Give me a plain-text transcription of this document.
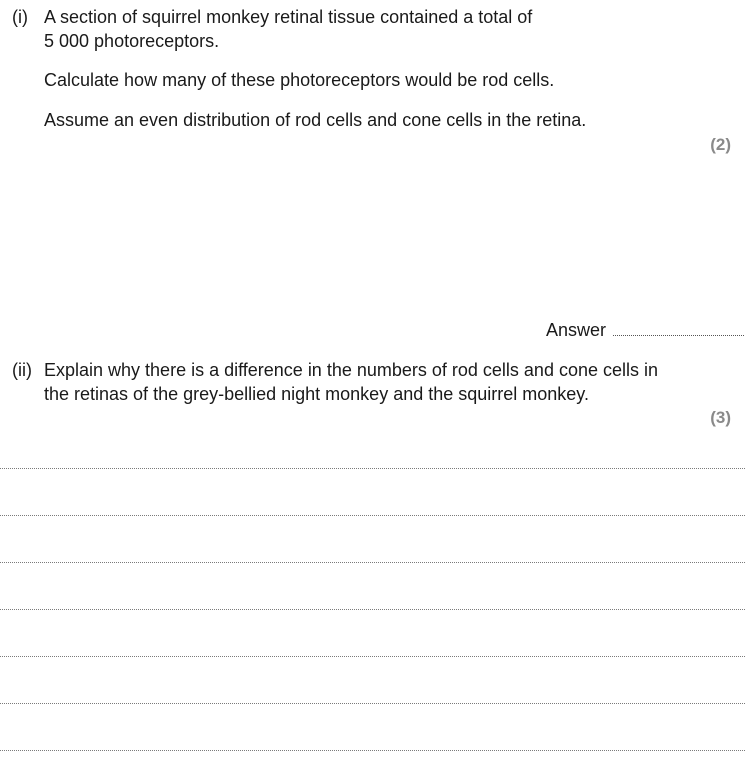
(i) A section of squirrel monkey retinal tissue contained a total of
5 000 photoreceptors.
Calculate how many of these photoreceptors would be rod cells.
Assume an even distribution of rod cells and cone cells in the retina.
(2)
Answer
(ii) Explain why there is a difference in the numbers of rod cells and cone cells in
the retinas of the grey-bellied night monkey and the squirrel monkey.
(3)
